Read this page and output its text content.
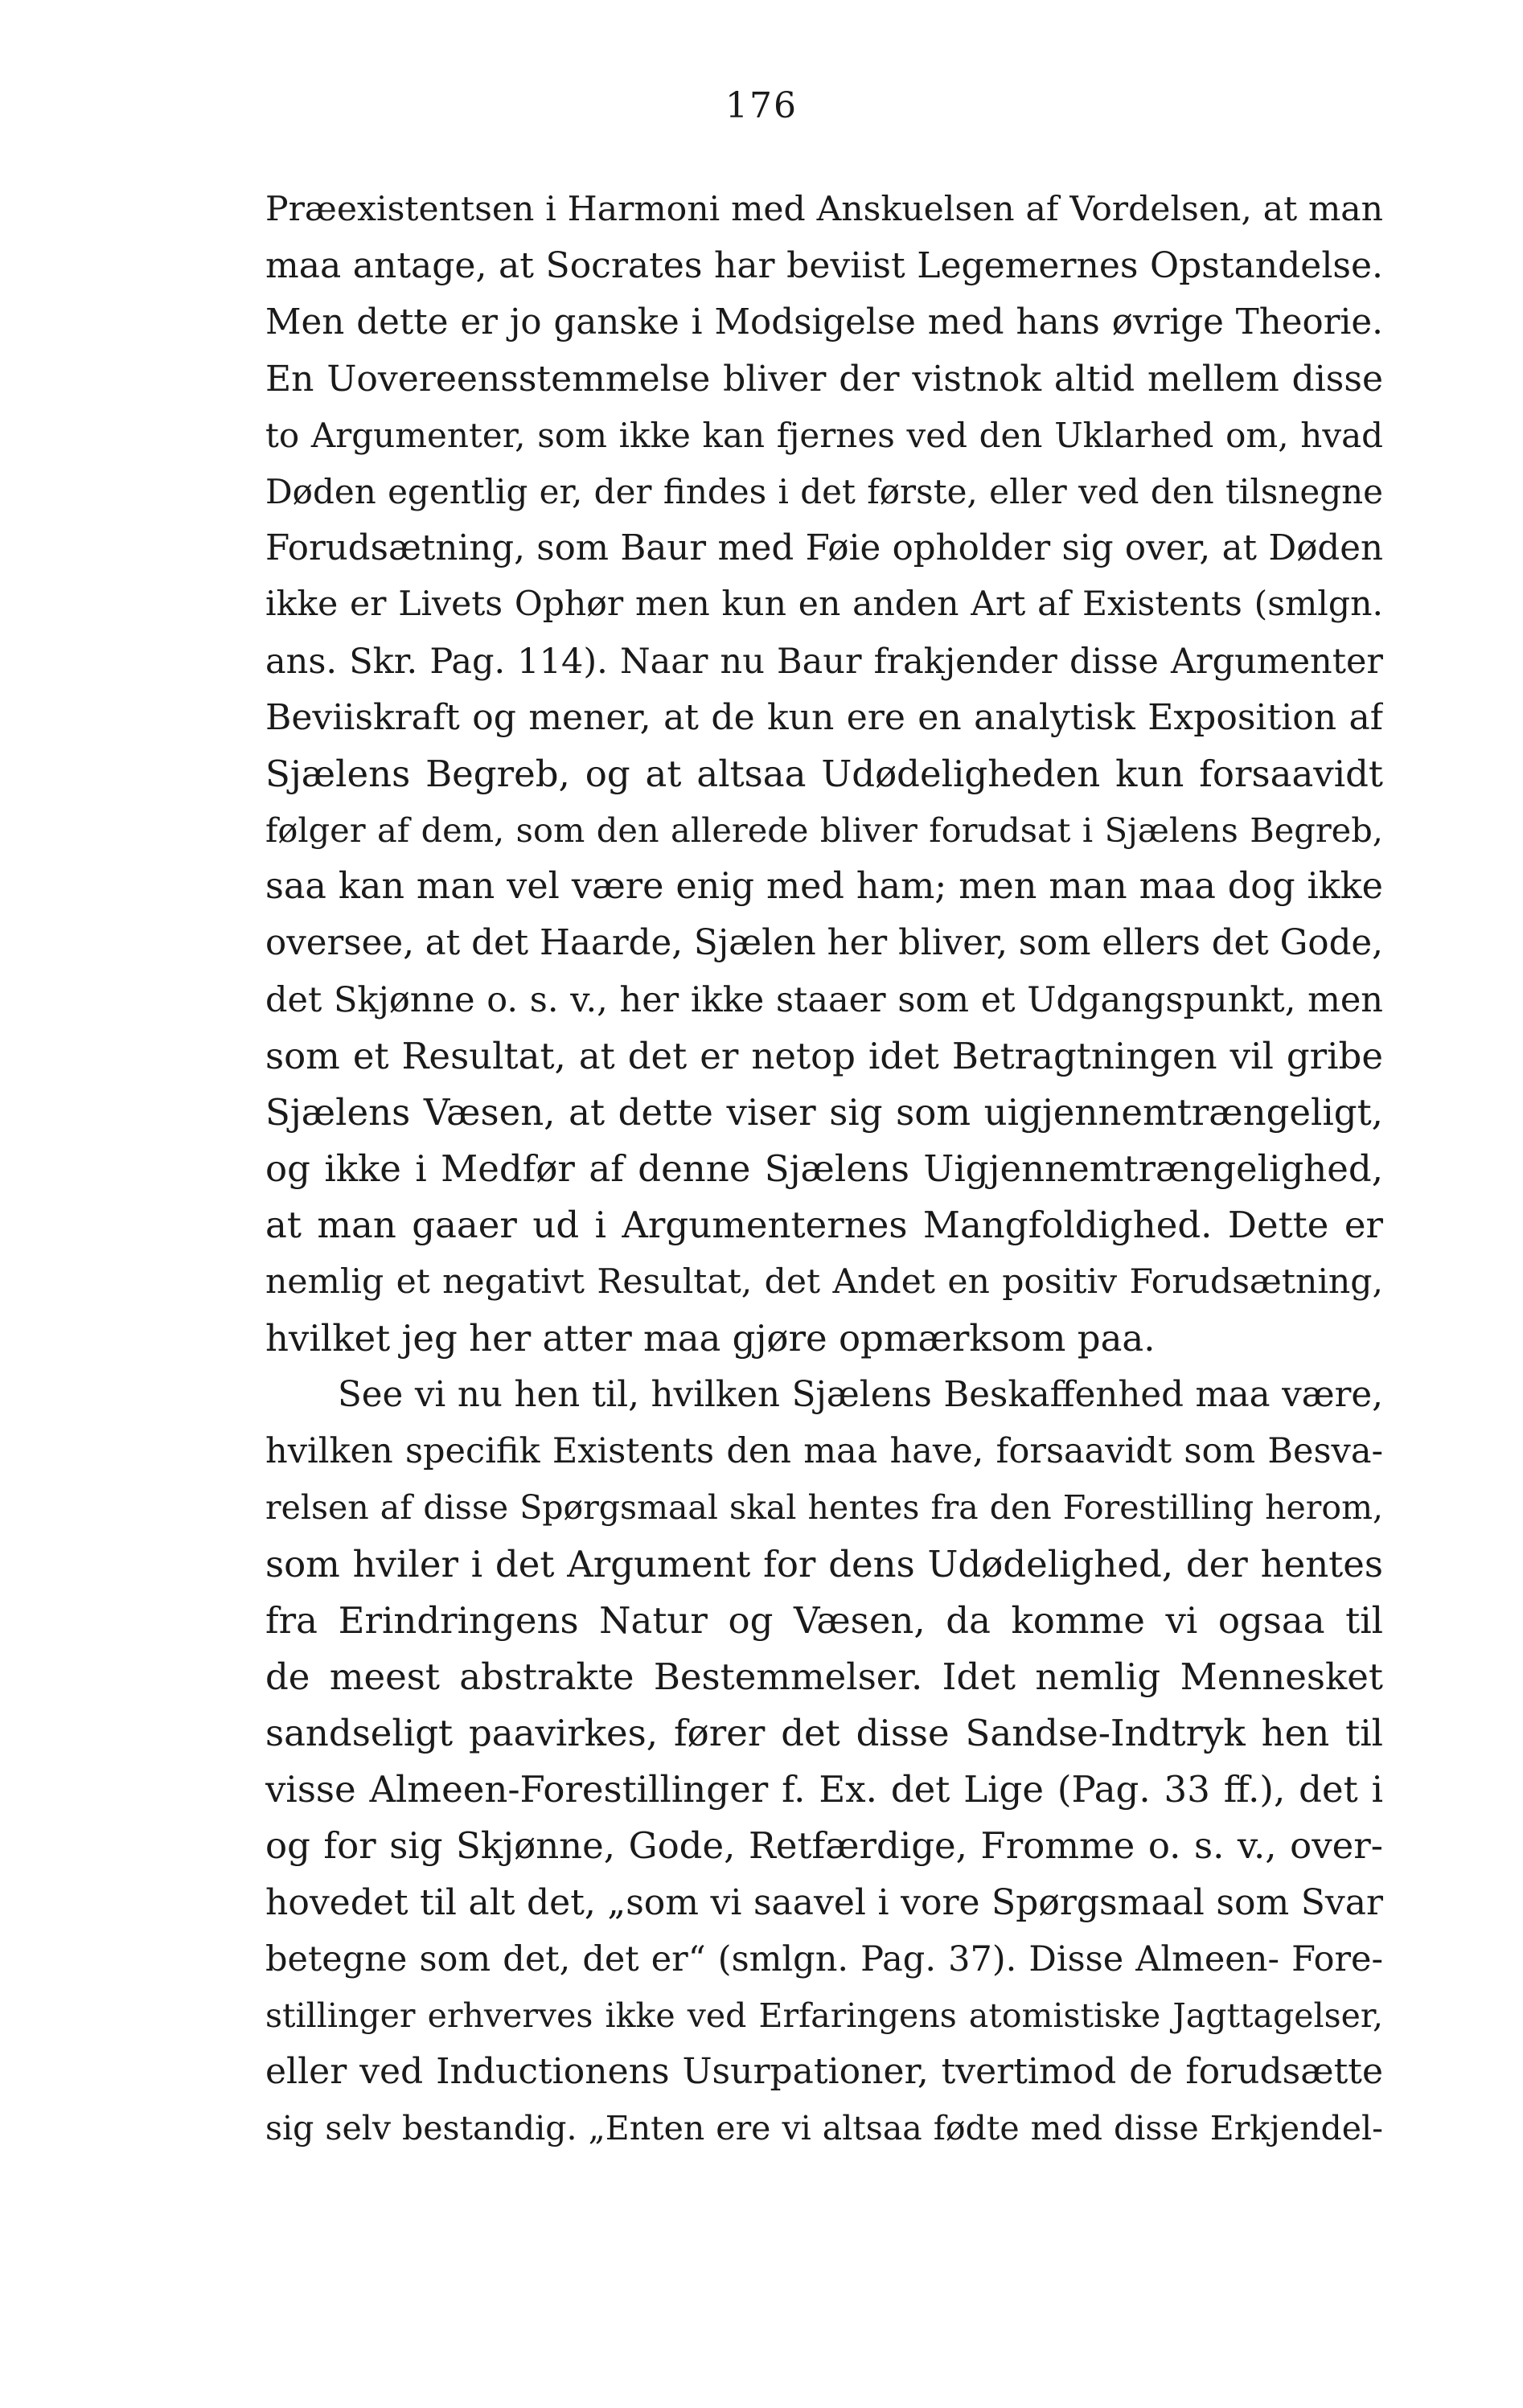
176
Præexistentsen i Harmoni med Anskuelsen af Vordelsen, at man
maa antage, at Socrates har beviist Legemernes Opstandelse.
Men dette er jo ganske i Modsigelse med hans øvrige Theorie.
En Uovereensstemmelse bliver der vistnok altid mellem disse
to Argumenter, som ikke kan fjernes ved den Uklarhed om, hvad
Døden egentlig er, der findes i det første, eller ved den tilsnegne
Forudsætning, som Baur med Føie opholder sig over, at Døden
ikke er Livets Ophør men kun en anden Art af Existents (smlgn.
ans. Skr. Pag. 114). Naar nu Baur frakjender disse Argumenter
Beviiskraft og mener, at de kun ere en analytisk Exposition af
Sjælens Begreb, og at altsaa Udødeligheden kun forsaavidt
følger af dem, som den allerede bliver forudsat i Sjælens Begreb,
saa kan man vel være enig med ham; men man maa dog ikke
oversee, at det Haarde, Sjælen her bliver, som ellers det Gode,
det Skjønne o. s. v., her ikke staaer som et Udgangspunkt, men
som et Resultat, at det er netop idet Betragtningen vil gribe
Sjælens Væsen, at dette viser sig som uigjennemtrængeligt,
og ikke i Medfør af denne Sjælens Uigjennemtrængelighed,
at man gaaer ud i Argumenternes Mangfoldighed. Dette er
nemlig et negativt Resultat, det Andet en positiv Forudsætning,
hvilket jeg her atter maa gjøre opmærksom paa.
See vi nu hen til, hvilken Sjælens Beskaffenhed maa være,
hvilken specifik Existents den maa have, forsaavidt som Besva-
relsen af disse Spørgsmaal skal hentes fra den Forestilling herom,
som hviler i det Argument for dens Udødelighed, der hentes
fra Erindringens Natur og Væsen, da komme vi ogsaa til
de meest abstrakte Bestemmelser. Idet nemlig Mennesket
sandseligt paavirkes, fører det disse Sandse-Indtryk hen til
visse Almeen-Forestillinger f. Ex. det Lige (Pag. 33 ff.), det i
og for sig Skjønne, Gode, Retfærdige, Fromme o. s. v., over-
hovedet til alt det, „som vi saavel i vore Spørgsmaal som Svar
betegne som det, det er“ (smlgn. Pag. 37). Disse Almeen- Fore-
stillinger erhverves ikke ved Erfaringens atomistiske Jagttagelser,
eller ved Inductionens Usurpationer, tvertimod de forudsætte
sig selv bestandig. „Enten ere vi altsaa fødte med disse Erkjendel-
